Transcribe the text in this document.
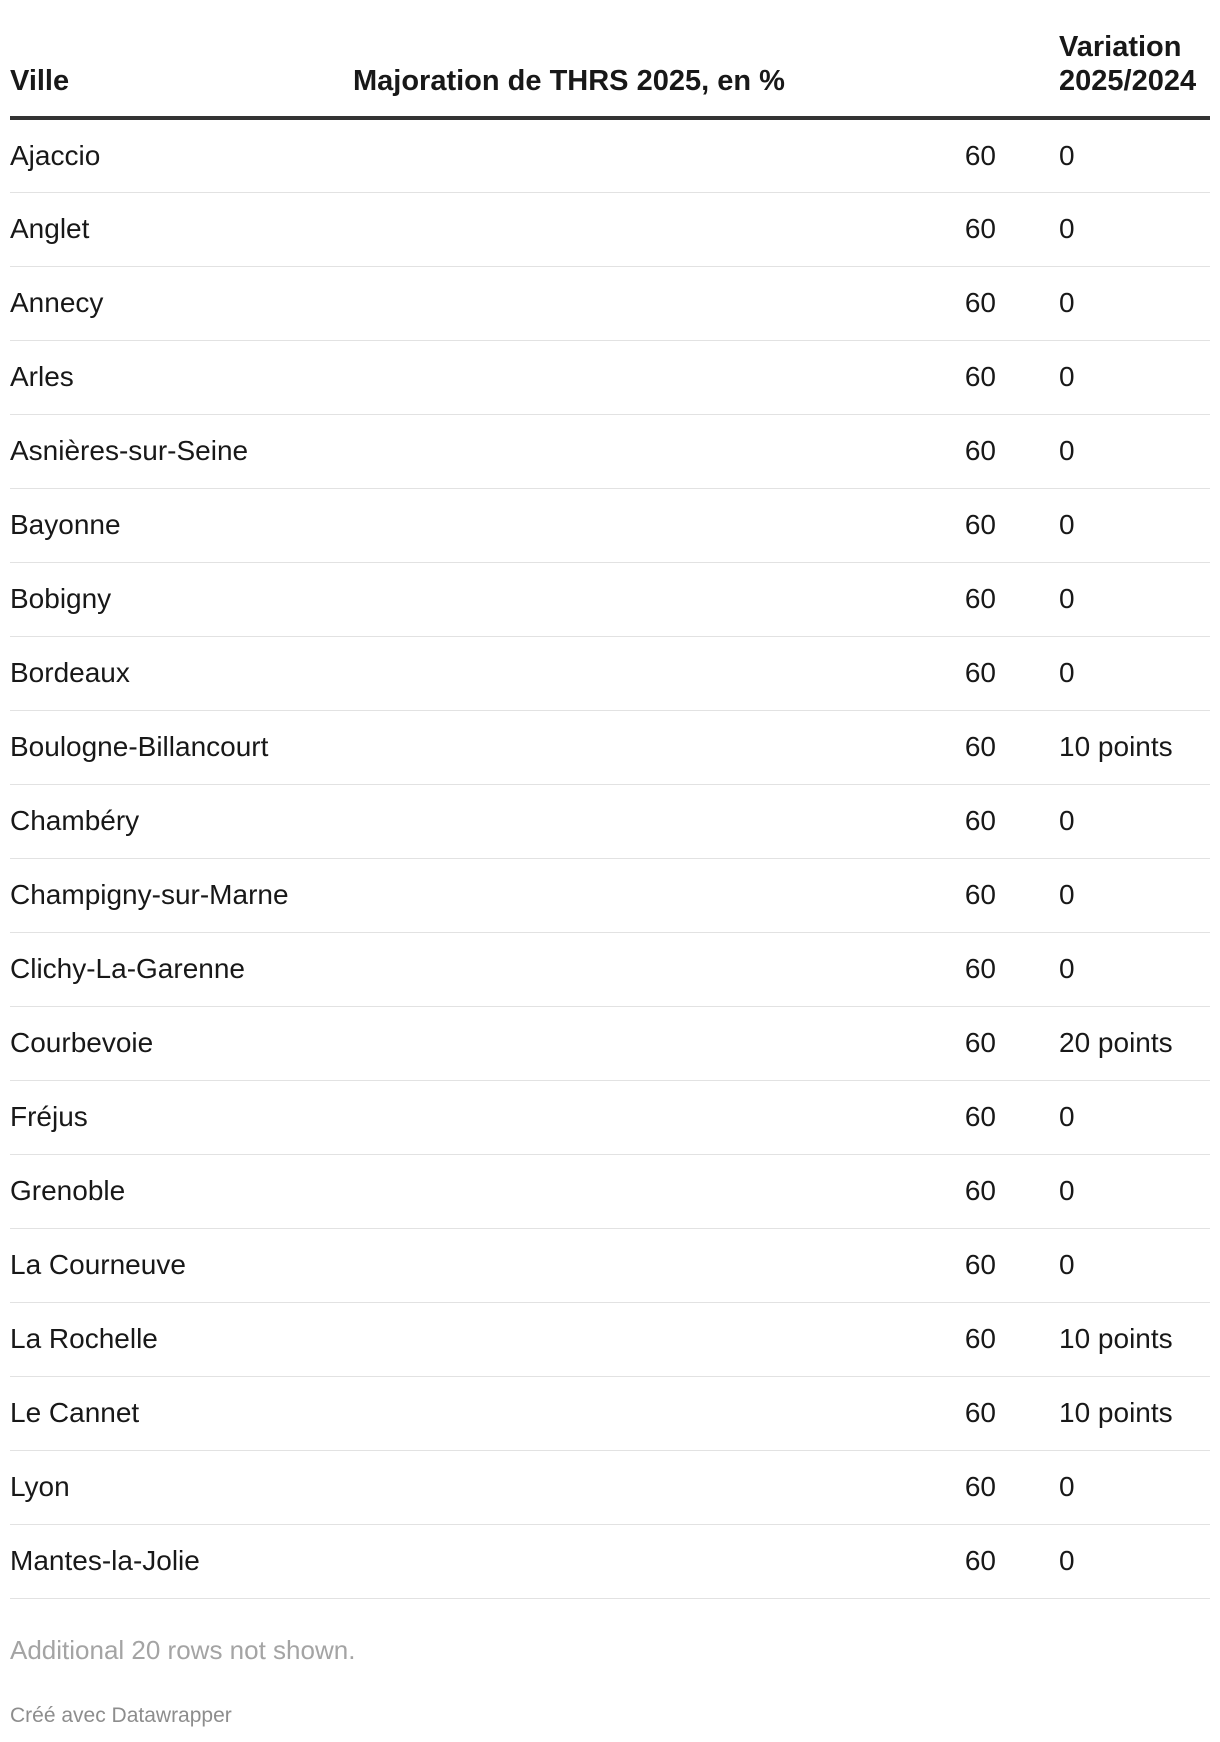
Ville	Majoration de THRS 2025, en %	Variation
2025/2024
Ajaccio	60	0
Anglet	60	0
Annecy	60	0
Arles	60	0
Asnières-sur-Seine	60	0
Bayonne	60	0
Bobigny	60	0
Bordeaux	60	0
Boulogne-Billancourt	60	10 points
Chambéry	60	0
Champigny-sur-Marne	60	0
Clichy-La-Garenne	60	0
Courbevoie	60	20 points
Fréjus	60	0
Grenoble	60	0
La Courneuve	60	0
La Rochelle	60	10 points
Le Cannet	60	10 points
Lyon	60	0
Mantes-la-Jolie	60	0
Additional 20 rows not shown.
Créé avec Datawrapper
